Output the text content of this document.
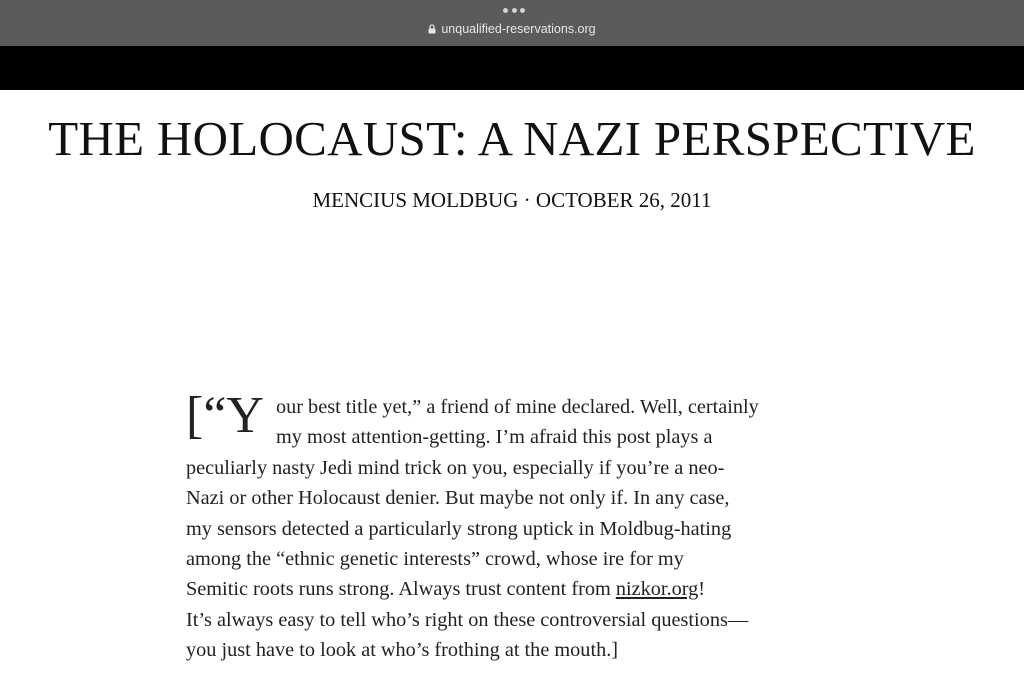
unqualified-reservations.org
THE HOLOCAUST: A NAZI PERSPECTIVE
MENCIUS MOLDBUG · OCTOBER 26, 2011
[“Y our best title yet,” a friend of mine declared. Well, certainly
my most attention-getting. I’m afraid this post plays a
peculiarly nasty Jedi mind trick on you, especially if you’re a neo-
Nazi or other Holocaust denier. But maybe not only if. In any case,
my sensors detected a particularly strong uptick in Moldbug-hating
among the “ethnic genetic interests” crowd, whose ire for my
Semitic roots runs strong. Always trust content from nizkor.org!
It’s always easy to tell who’s right on these controversial questions—
you just have to look at who’s frothing at the mouth.]
